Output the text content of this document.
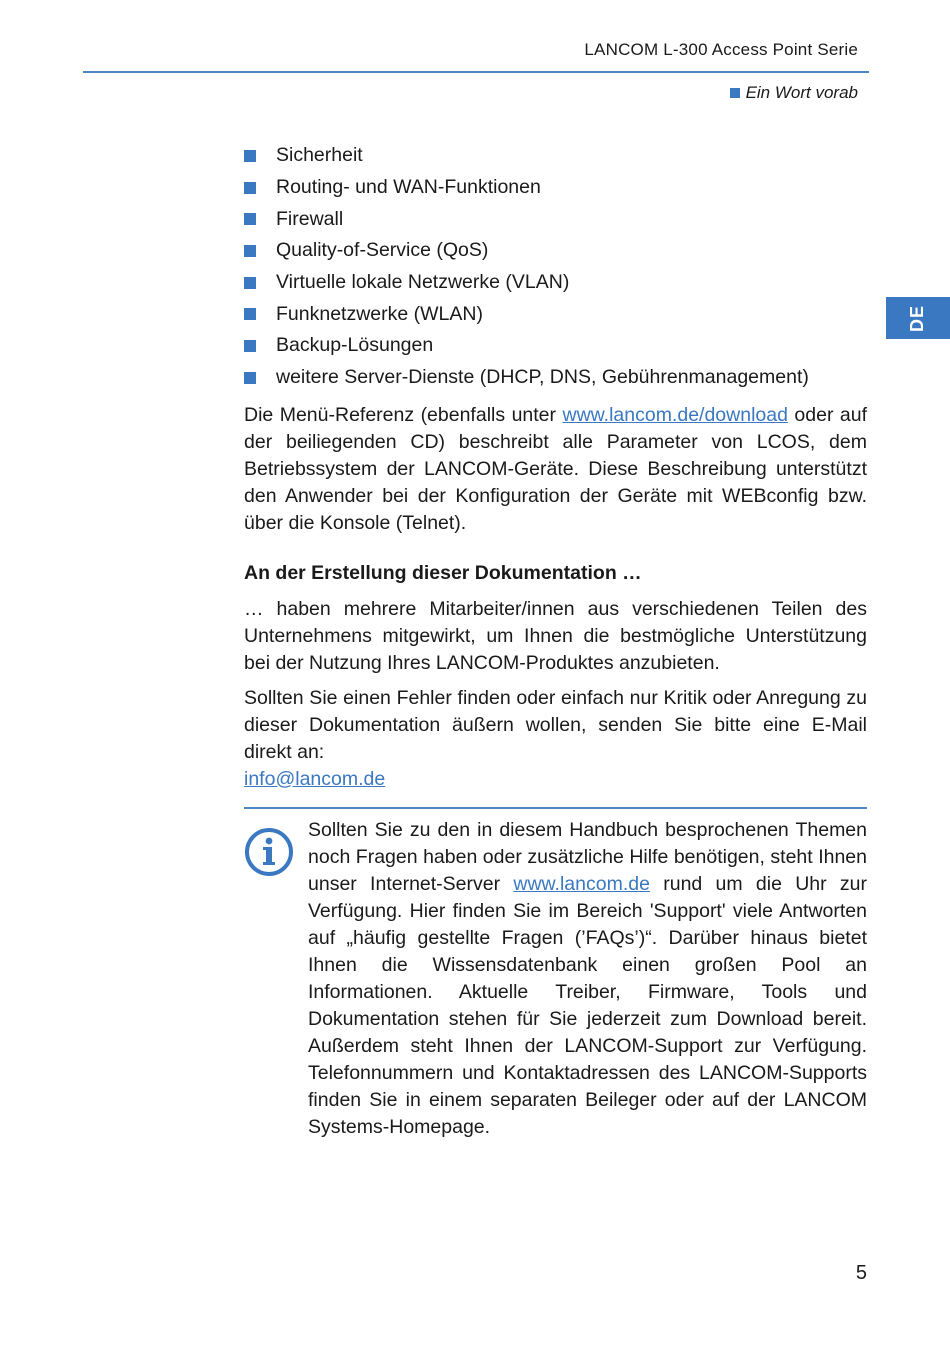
LANCOM L-300 Access Point Serie
Ein Wort vorab
DE
Sicherheit
Routing- und WAN-Funktionen
Firewall
Quality-of-Service (QoS)
Virtuelle lokale Netzwerke (VLAN)
Funknetzwerke (WLAN)
Backup-Lösungen
weitere Server-Dienste (DHCP, DNS, Gebührenmanagement)

Die Menü-Referenz (ebenfalls unter www.lancom.de/download oder auf der beiliegenden CD) beschreibt alle Parameter von LCOS, dem Betriebssystem der LANCOM-Geräte. Diese Beschreibung unterstützt den Anwender bei der Konfiguration der Geräte mit WEBconfig bzw. über die Konsole (Telnet).

An der Erstellung dieser Dokumentation …

… haben mehrere Mitarbeiter/innen aus verschiedenen Teilen des Unternehmens mitgewirkt, um Ihnen die bestmögliche Unterstützung bei der Nutzung Ihres LANCOM-Produktes anzubieten.

Sollten Sie einen Fehler finden oder einfach nur Kritik oder Anregung zu dieser Dokumentation äußern wollen, senden Sie bitte eine E-Mail direkt an:
info@lancom.de

Sollten Sie zu den in diesem Handbuch besprochenen Themen noch Fragen haben oder zusätzliche Hilfe benötigen, steht Ihnen unser Internet-Server www.lancom.de rund um die Uhr zur Verfügung. Hier finden Sie im Bereich 'Support' viele Antworten auf „häufig gestellte Fragen (’FAQs’)“. Darüber hinaus bietet Ihnen die Wissensdatenbank einen großen Pool an Informationen. Aktuelle Treiber, Firmware, Tools und Dokumentation stehen für Sie jederzeit zum Download bereit. Außerdem steht Ihnen der LANCOM-Support zur Verfügung. Telefonnummern und Kontaktadressen des LANCOM-Supports finden Sie in einem separaten Beileger oder auf der LANCOM Systems-Homepage.

5
